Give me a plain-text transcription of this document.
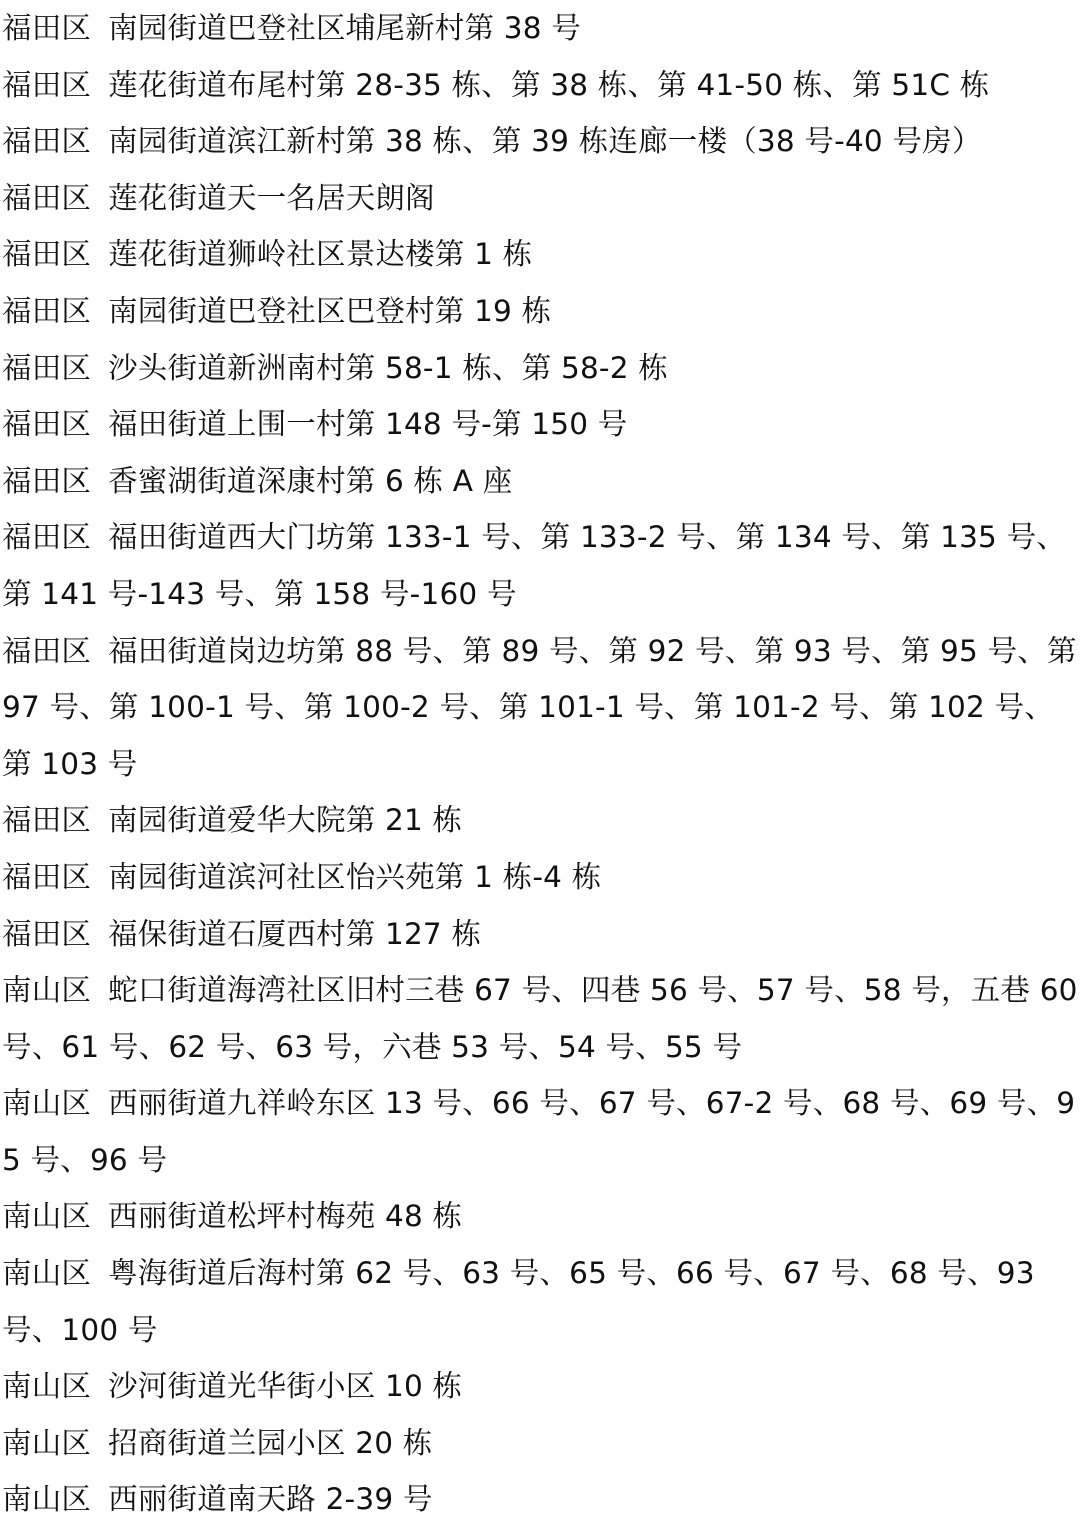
福田区 南园街道巴登社区埔尾新村第 38 号

福田区 莲花街道布尾村第 28-35 栋、第 38 栋、第 41-50 栋、第 51C 栋

福田区 南园街道滨江新村第 38 栋、第 39 栋连廊一楼（38 号-40 号房）

福田区 莲花街道天一名居天朗阁

福田区 莲花街道狮岭社区景达楼第 1 栋

福田区 南园街道巴登社区巴登村第 19 栋

福田区 沙头街道新洲南村第 58-1 栋、第 58-2 栋

福田区 福田街道上围一村第 148 号-第 150 号

福田区 香蜜湖街道深康村第 6 栋 A 座

福田区 福田街道西大门坊第 133-1 号、第 133-2 号、第 134 号、第 135 号、第 141 号-143 号、第 158 号-160 号

福田区 福田街道岗边坊第 88 号、第 89 号、第 92 号、第 93 号、第 95 号、第 97 号、第 100-1 号、第 100-2 号、第 101-1 号、第 101-2 号、第 102 号、第 103 号

福田区 南园街道爱华大院第 21 栋

福田区 南园街道滨河社区怡兴苑第 1 栋-4 栋

福田区 福保街道石厦西村第 127 栋

南山区 蛇口街道海湾社区旧村三巷 67 号、四巷 56 号、57 号、58 号，五巷 60 号、61 号、62 号、63 号，六巷 53 号、54 号、55 号

南山区 西丽街道九祥岭东区 13 号、66 号、67 号、67-2 号、68 号、69 号、95 号、96 号

南山区 西丽街道松坪村梅苑 48 栋

南山区 粤海街道后海村第 62 号、63 号、65 号、66 号、67 号、68 号、93 号、100 号

南山区 沙河街道光华街小区 10 栋

南山区 招商街道兰园小区 20 栋

南山区 西丽街道南天路 2-39 号
